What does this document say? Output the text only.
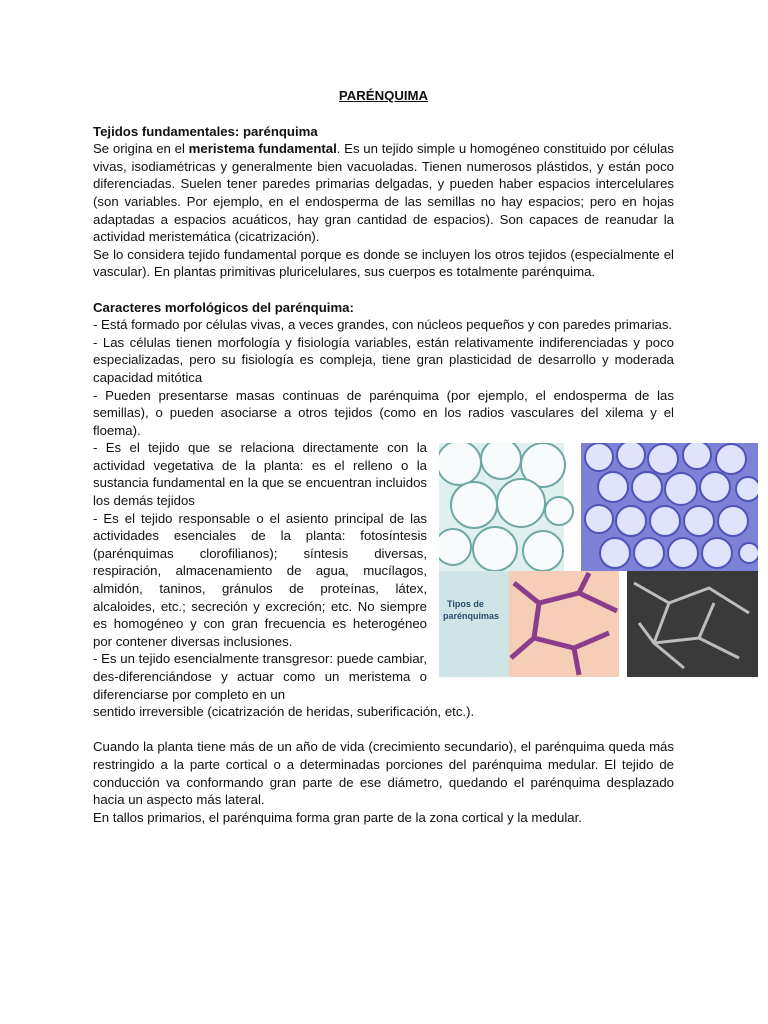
PARÉNQUIMA

Tejidos fundamentales: parénquima

Se origina en el meristema fundamental. Es un tejido simple u homogéneo constituido por células vivas, isodiamétricas y generalmente bien vacuoladas. Tienen numerosos plástidos, y están poco diferenciadas. Suelen tener paredes primarias delgadas, y pueden haber espacios intercelulares (son variables. Por ejemplo, en el endosperma de las semillas no hay espacios; pero en hojas adaptadas a espacios acuáticos, hay gran cantidad de espacios). Son capaces de reanudar la actividad meristemática (cicatrización).

Se lo considera tejido fundamental porque es donde se incluyen los otros tejidos (especialmente el vascular). En plantas primitivas pluricelulares, sus cuerpos es totalmente parénquima.

Caracteres morfológicos del parénquima:

- Está formado por células vivas, a veces grandes, con núcleos pequeños y con paredes primarias.

- Las células tienen morfología y fisiología variables, están relativamente indiferenciadas y poco especializadas, pero su fisiología es compleja, tiene gran plasticidad de desarrollo y moderada capacidad mitótica

- Pueden presentarse masas continuas de parénquima (por ejemplo, el endosperma de las semillas), o pueden asociarse a otros tejidos (como en los radios vasculares del xilema y el floema).

- Es el tejido que se relaciona directamente con la actividad vegetativa de la planta: es el relleno o la sustancia fundamental en la que se encuentran incluidos los demás tejidos

- Es el tejido responsable o el asiento principal de las actividades esenciales de la planta: fotosíntesis (parénquimas clorofilianos); síntesis diversas, respiración, almacenamiento de agua, mucílagos, almidón, taninos, gránulos de proteínas, látex, alcaloides, etc.; secreción y excreción; etc. No siempre es homogéneo y con gran frecuencia es heterogéneo por contener diversas inclusiones.

- Es un tejido esencialmente transgresor: puede cambiar, des-diferenciándose y actuar como un meristema o diferenciarse por completo en un

sentido irreversible (cicatrización de heridas, suberificación, etc.).

Tipos de
parénquimas

Cuando la planta tiene más de un año de vida (crecimiento secundario), el parénquima queda más restringido a la parte cortical o a determinadas porciones del parénquima medular. El tejido de conducción va conformando gran parte de ese diámetro, quedando el parénquima desplazado hacia un aspecto más lateral.

En tallos primarios, el parénquima forma gran parte de la zona cortical y la medular.
